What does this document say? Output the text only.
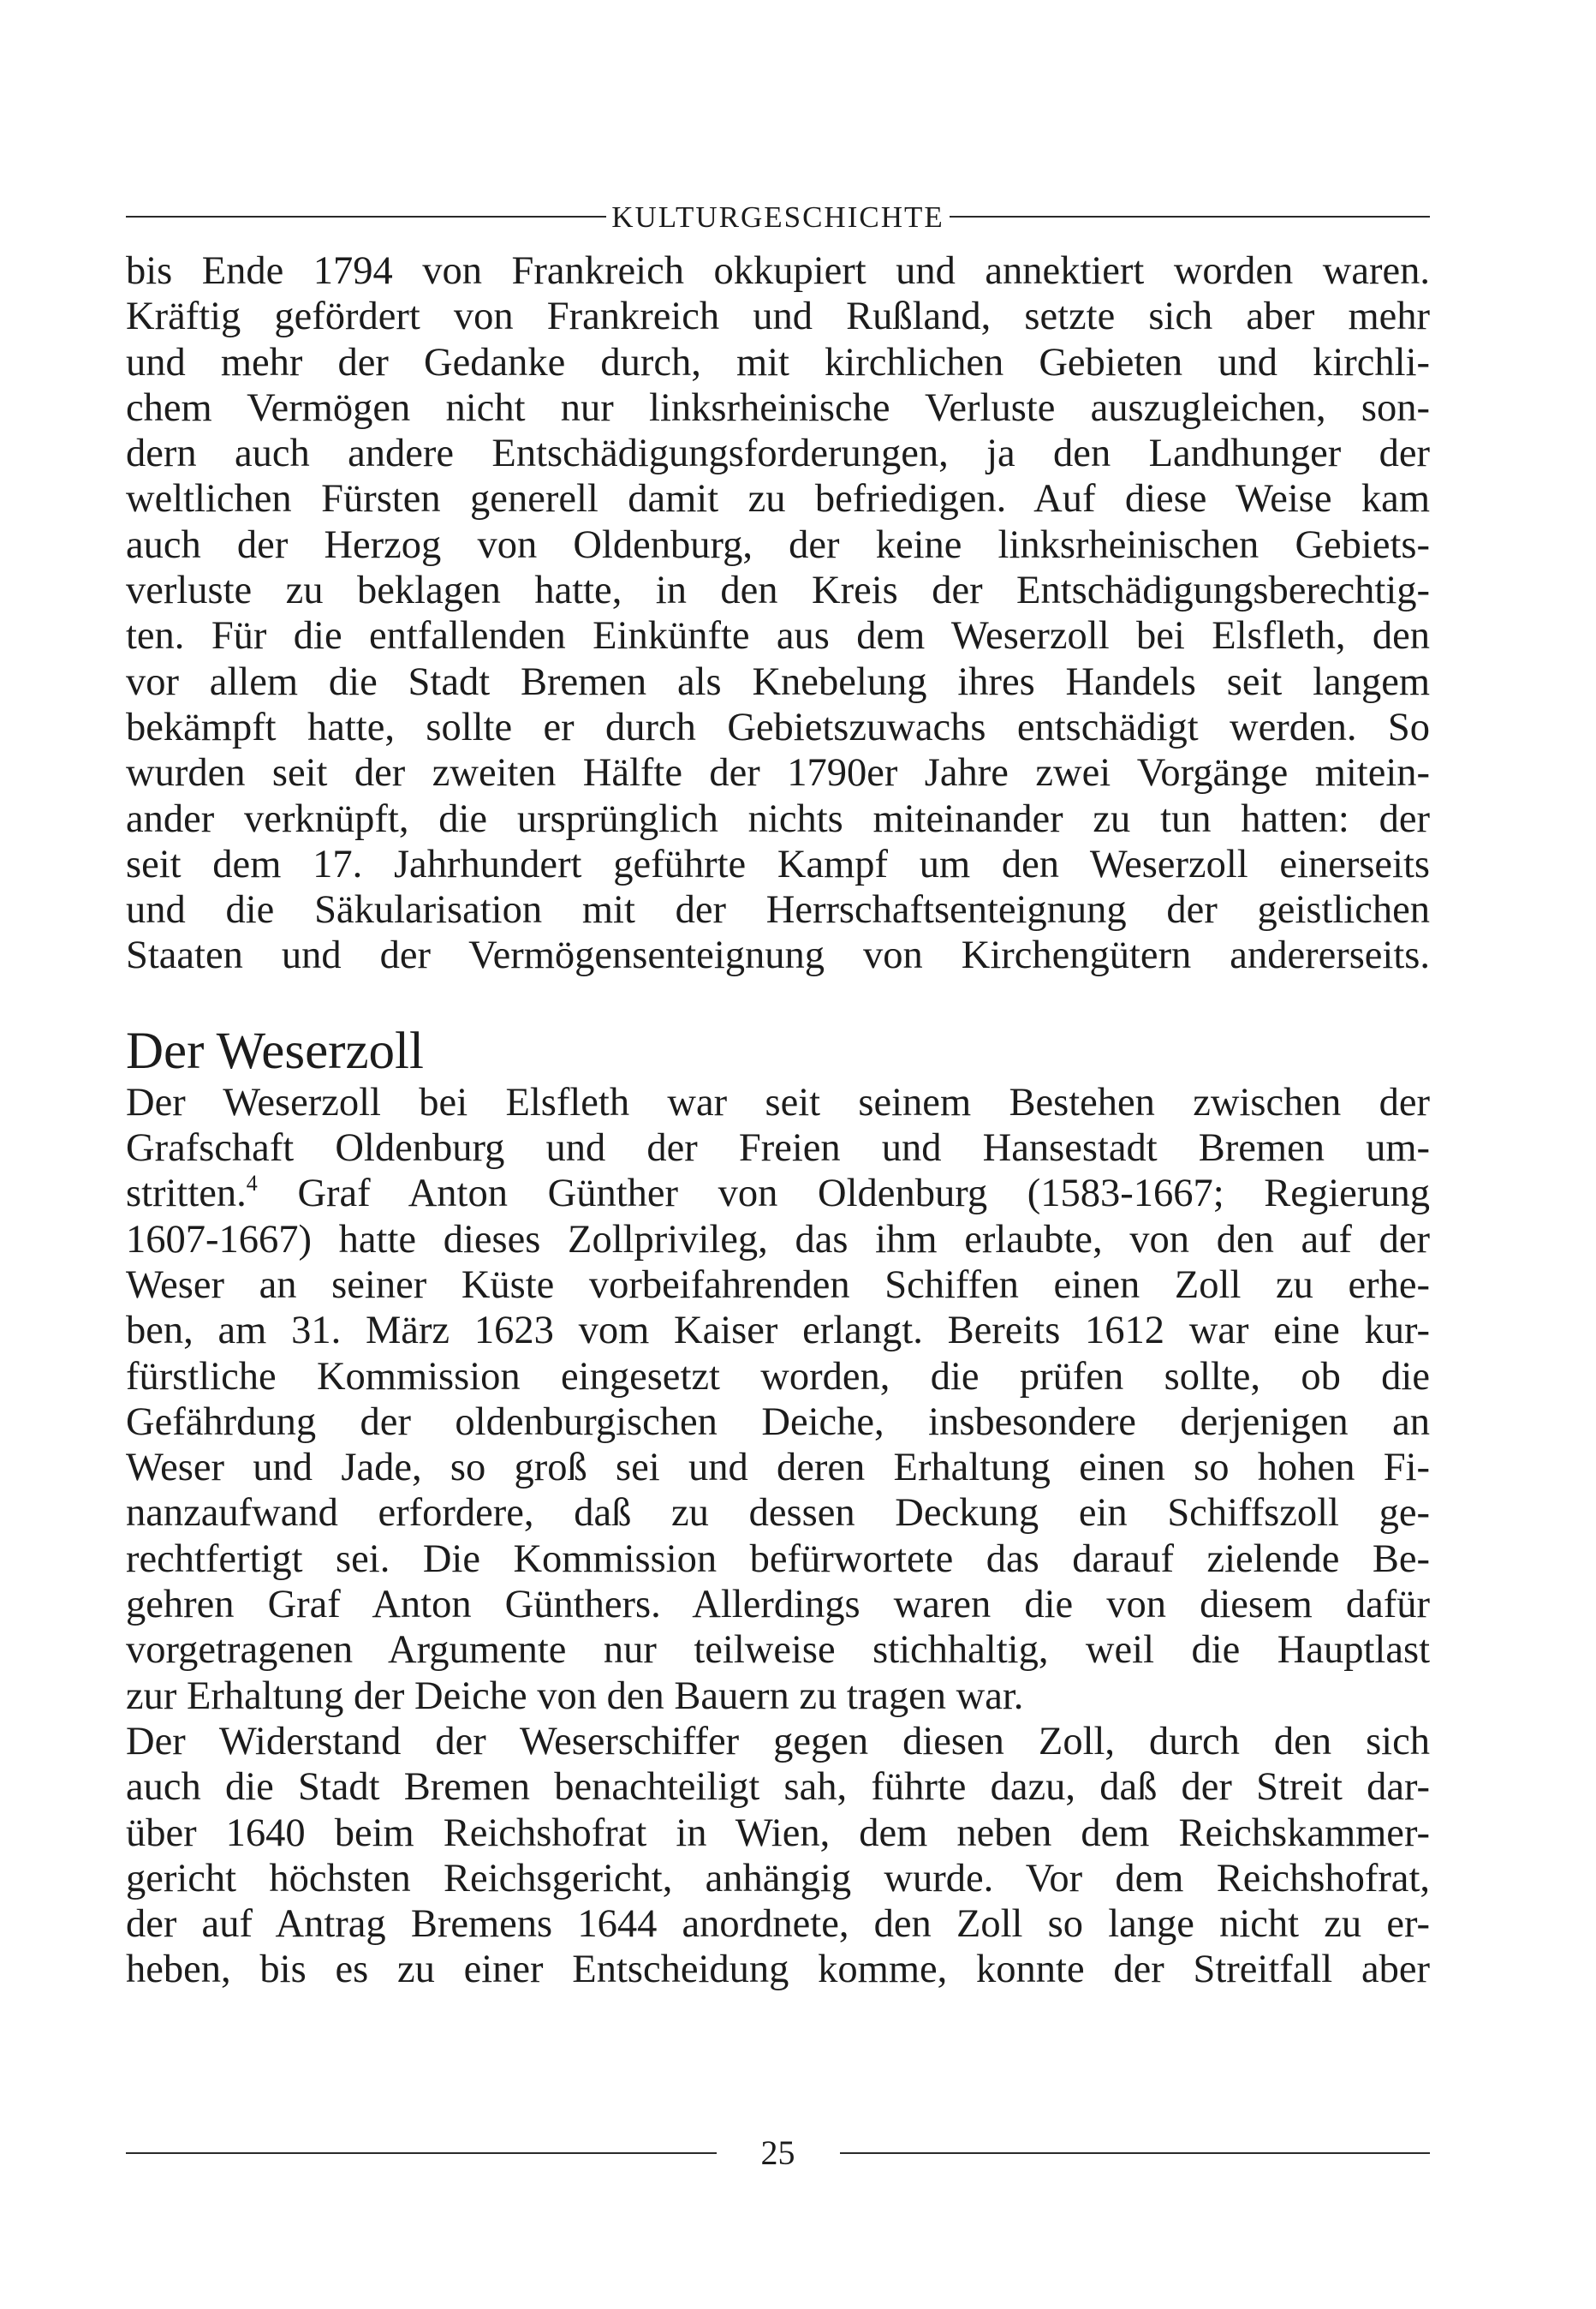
KULTURGESCHICHTE
bis Ende 1794 von Frankreich okkupiert und annektiert worden waren.
Kräftig gefördert von Frankreich und Rußland, setzte sich aber mehr
und mehr der Gedanke durch, mit kirchlichen Gebieten und kirchli-
chem Vermögen nicht nur linksrheinische Verluste auszugleichen, son-
dern auch andere Entschädigungsforderungen, ja den Landhunger der
weltlichen Fürsten generell damit zu befriedigen. Auf diese Weise kam
auch der Herzog von Oldenburg, der keine linksrheinischen Gebiets-
verluste zu beklagen hatte, in den Kreis der Entschädigungsberechtig-
ten. Für die entfallenden Einkünfte aus dem Weserzoll bei Elsfleth, den
vor allem die Stadt Bremen als Knebelung ihres Handels seit langem
bekämpft hatte, sollte er durch Gebietszuwachs entschädigt werden. So
wurden seit der zweiten Hälfte der 1790er Jahre zwei Vorgänge mitein-
ander verknüpft, die ursprünglich nichts miteinander zu tun hatten: der
seit dem 17. Jahrhundert geführte Kampf um den Weserzoll einerseits
und die Säkularisation mit der Herrschaftsenteignung der geistlichen
Staaten und der Vermögensenteignung von Kirchengütern andererseits.
Der Weserzoll
Der Weserzoll bei Elsfleth war seit seinem Bestehen zwischen der
Grafschaft Oldenburg und der Freien und Hansestadt Bremen um-
stritten.$^4$ Graf Anton Günther von Oldenburg (1583-1667; Regierung
1607-1667) hatte dieses Zollprivileg, das ihm erlaubte, von den auf der
Weser an seiner Küste vorbeifahrenden Schiffen einen Zoll zu erhe-
ben, am 31. März 1623 vom Kaiser erlangt. Bereits 1612 war eine kur-
fürstliche Kommission eingesetzt worden, die prüfen sollte, ob die
Gefährdung der oldenburgischen Deiche, insbesondere derjenigen an
Weser und Jade, so groß sei und deren Erhaltung einen so hohen Fi-
nanzaufwand erfordere, daß zu dessen Deckung ein Schiffszoll ge-
rechtfertigt sei. Die Kommission befürwortete das darauf zielende Be-
gehren Graf Anton Günthers. Allerdings waren die von diesem dafür
vorgetragenen Argumente nur teilweise stichhaltig, weil die Hauptlast
zur Erhaltung der Deiche von den Bauern zu tragen war.
Der Widerstand der Weserschiffer gegen diesen Zoll, durch den sich
auch die Stadt Bremen benachteiligt sah, führte dazu, daß der Streit dar-
über 1640 beim Reichshofrat in Wien, dem neben dem Reichskammer-
gericht höchsten Reichsgericht, anhängig wurde. Vor dem Reichshofrat,
der auf Antrag Bremens 1644 anordnete, den Zoll so lange nicht zu er-
heben, bis es zu einer Entscheidung komme, konnte der Streitfall aber
25
